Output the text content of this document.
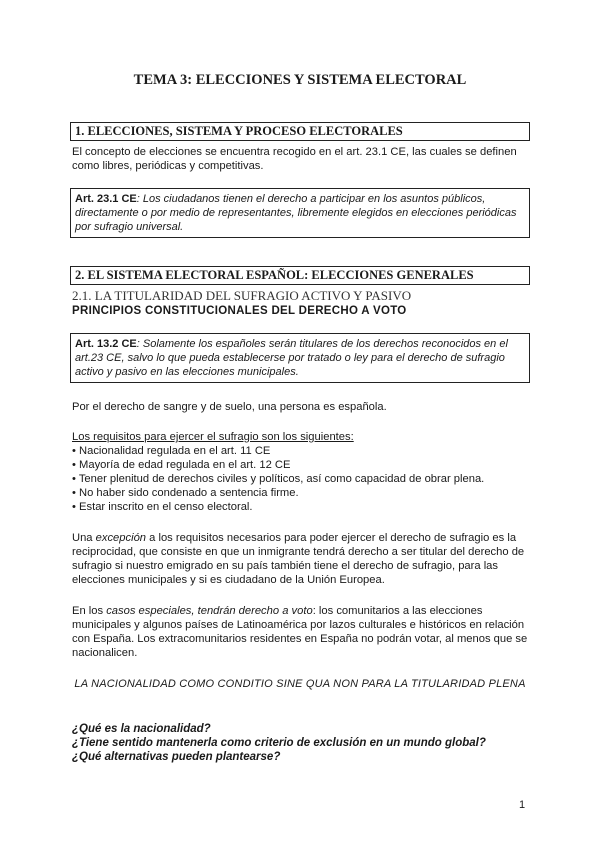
TEMA 3: ELECCIONES Y SISTEMA ELECTORAL
1. ELECCIONES, SISTEMA Y PROCESO ELECTORALES
El concepto de elecciones se encuentra recogido en el art. 23.1 CE, las cuales se definen
como libres, periódicas y competitivas.
Art. 23.1 CE: Los ciudadanos tienen el derecho a participar en los asuntos públicos,
directamente o por medio de representantes, libremente elegidos en elecciones periódicas
por sufragio universal.
2. EL SISTEMA ELECTORAL ESPAÑOL: ELECCIONES GENERALES
2.1. LA TITULARIDAD DEL SUFRAGIO ACTIVO Y PASIVO
PRINCIPIOS CONSTITUCIONALES DEL DERECHO A VOTO
Art. 13.2 CE: Solamente los españoles serán titulares de los derechos reconocidos en el
art.23 CE, salvo lo que pueda establecerse por tratado o ley para el derecho de sufragio
activo y pasivo en las elecciones municipales.
Por el derecho de sangre y de suelo, una persona es española.
Los requisitos para ejercer el sufragio son los siguientes:
• Nacionalidad regulada en el art. 11 CE
• Mayoría de edad regulada en el art. 12 CE
• Tener plenitud de derechos civiles y políticos, así como capacidad de obrar plena.
• No haber sido condenado a sentencia firme.
• Estar inscrito en el censo electoral.
Una excepción a los requisitos necesarios para poder ejercer el derecho de sufragio es la
reciprocidad, que consiste en que un inmigrante tendrá derecho a ser titular del derecho de
sufragio si nuestro emigrado en su país también tiene el derecho de sufragio, para las
elecciones municipales y si es ciudadano de la Unión Europea.
En los casos especiales, tendrán derecho a voto: los comunitarios a las elecciones
municipales y algunos países de Latinoamérica por lazos culturales e históricos en relación
con España. Los extracomunitarios residentes en España no podrán votar, al menos que se
nacionalicen.
LA NACIONALIDAD COMO CONDITIO SINE QUA NON PARA LA TITULARIDAD PLENA
¿Qué es la nacionalidad?
¿Tiene sentido mantenerla como criterio de exclusión en un mundo global?
¿Qué alternativas pueden plantearse?
1
